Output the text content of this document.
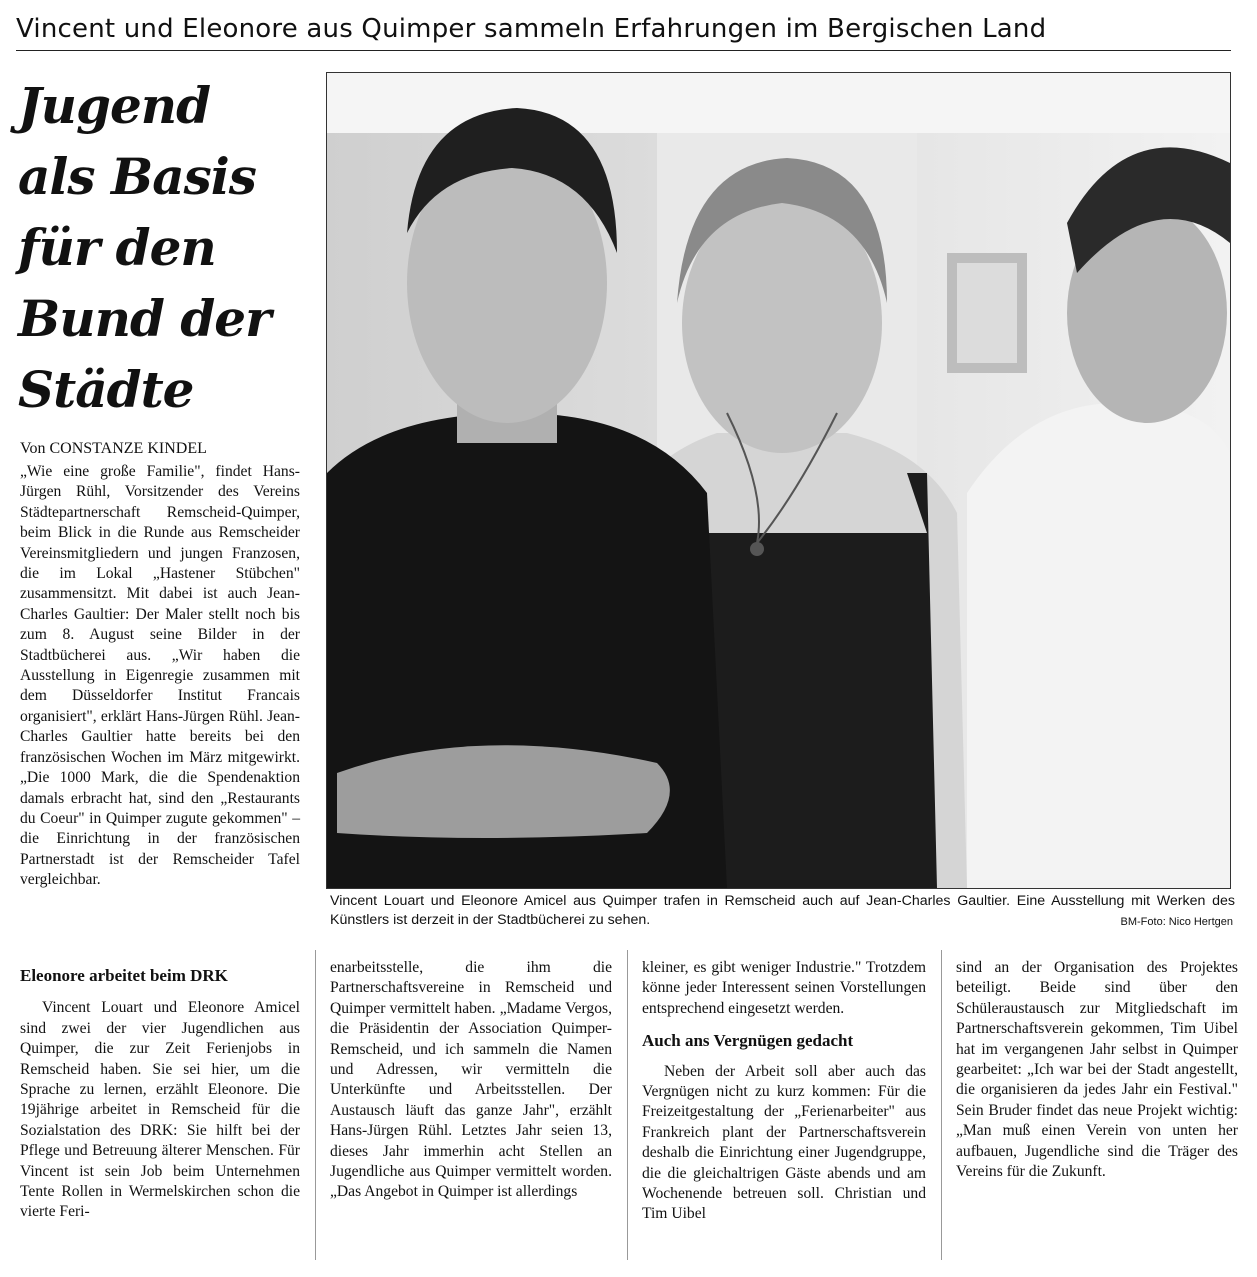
Vincent und Eleonore aus Quimper sammeln Erfahrungen im Bergischen Land
Jugend
als Basis
für den
Bund der
Städte
Von CONSTANZE KINDEL

„Wie eine große Familie", findet Hans-Jürgen Rühl, Vorsitzender des Vereins Städtepartnerschaft Remscheid-Quimper, beim Blick in die Runde aus Remscheider Vereinsmitgliedern und jungen Franzosen, die im Lokal „Hastener Stübchen" zusammensitzt. Mit dabei ist auch Jean-Charles Gaultier: Der Maler stellt noch bis zum 8. August seine Bilder in der Stadtbücherei aus. „Wir haben die Ausstellung in Eigenregie zusammen mit dem Düsseldorfer Institut Francais organisiert", erklärt Hans-Jürgen Rühl. Jean-Charles Gaultier hatte bereits bei den französischen Wochen im März mitgewirkt. „Die 1000 Mark, die die Spendenaktion damals erbracht hat, sind den „Restaurants du Coeur" in Quimper zugute gekommen" – die Einrichtung in der französischen Partnerstadt ist der Remscheider Tafel vergleichbar.

Eleonore arbeitet beim DRK

Vincent Louart und Eleonore Amicel sind zwei der vier Jugendlichen aus Quimper, die zur Zeit Ferienjobs in Remscheid haben. Sie sei hier, um die Sprache zu lernen, erzählt Eleonore. Die 19jährige arbeitet in Remscheid für die Sozialstation des DRK: Sie hilft bei der Pflege und Betreuung älterer Menschen. Für Vincent ist sein Job beim Unternehmen Tente Rollen in Wermelskirchen schon die vierte Feri-

enarbeitsstelle, die ihm die Partnerschaftsvereine in Remscheid und Quimper vermittelt haben. „Madame Vergos, die Präsidentin der Association Quimper-Remscheid, und ich sammeln die Namen und Adressen, wir vermitteln die Unterkünfte und Arbeitsstellen. Der Austausch läuft das ganze Jahr", erzählt Hans-Jürgen Rühl. Letztes Jahr seien 13, dieses Jahr immerhin acht Stellen an Jugendliche aus Quimper vermittelt worden. „Das Angebot in Quimper ist allerdings

kleiner, es gibt weniger Industrie." Trotzdem könne jeder Interessent seinen Vorstellungen entsprechend eingesetzt werden.

Auch ans Vergnügen gedacht

Neben der Arbeit soll aber auch das Vergnügen nicht zu kurz kommen: Für die Freizeitgestaltung der „Ferienarbeiter" aus Frankreich plant der Partnerschaftsverein deshalb die Einrichtung einer Jugendgruppe, die die gleichaltrigen Gäste abends und am Wochenende betreuen soll. Christian und Tim Uibel

sind an der Organisation des Projektes beteiligt. Beide sind über den Schüleraustausch zur Mitgliedschaft im Partnerschaftsverein gekommen, Tim Uibel hat im vergangenen Jahr selbst in Quimper gearbeitet: „Ich war bei der Stadt angestellt, die organisieren da jedes Jahr ein Festival." Sein Bruder findet das neue Projekt wichtig: „Man muß einen Verein von unten her aufbauen, Jugendliche sind die Träger des Vereins für die Zukunft.

Vincent Louart und Eleonore Amicel aus Quimper trafen in Remscheid auch auf Jean-Charles Gaultier. Eine Ausstellung mit Werken des Künstlers ist derzeit in der Stadtbücherei zu sehen.	BM-Foto: Nico Hertgen
